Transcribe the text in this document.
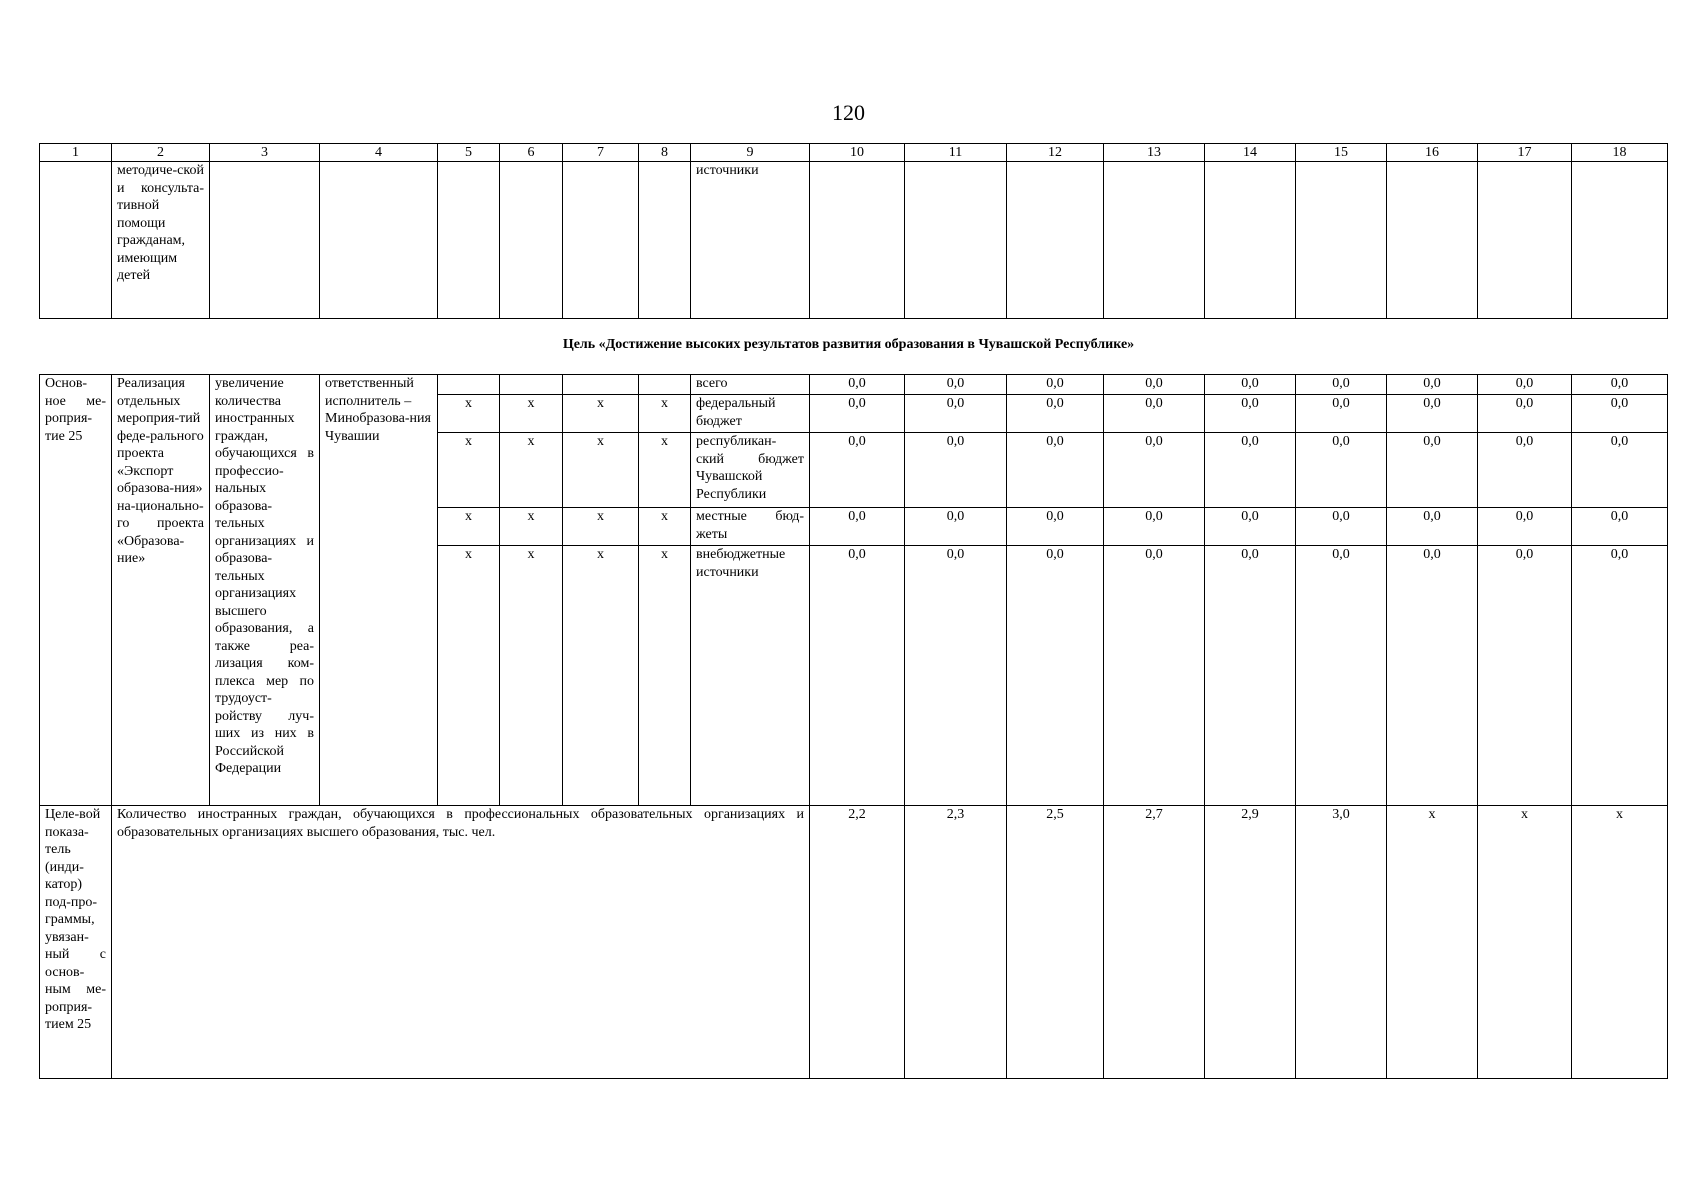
120
1	2	3	4	5	6	7	8	9	10	11	12	13	14	15	16	17	18
	методиче-ской и консульта-тивной помощи гражданам, имеющим детей							источники									
Цель «Достижение высоких результатов развития образования в Чувашской Республике»
Основ-ное ме-роприя-тие 25	Реализация отдельных мероприя-тий феде-рального проекта «Экспорт образова-ния» на-ционально-го проекта «Образова-ние»	увеличение количества иностранных граждан, обучающихся в профессио-нальных образова-тельных организациях и образова-тельных организациях высшего образования, а также реа-лизация ком-плекса мер по трудоуст-ройству луч-ших из них в Российской Федерации	ответственный исполнитель – Минобразова-ния Чувашии					всего	0,0	0,0	0,0	0,0	0,0	0,0	0,0	0,0	0,0
				х	х	х	х	федеральный бюджет	0,0	0,0	0,0	0,0	0,0	0,0	0,0	0,0	0,0
				х	х	х	х	республикан-ский бюджет Чувашской Республики	0,0	0,0	0,0	0,0	0,0	0,0	0,0	0,0	0,0
				х	х	х	х	местные бюд-жеты	0,0	0,0	0,0	0,0	0,0	0,0	0,0	0,0	0,0
				х	х	х	х	внебюджетные источники	0,0	0,0	0,0	0,0	0,0	0,0	0,0	0,0	0,0
Целе-вой показа-тель (инди-катор) под-про-граммы, увязан-ный с основ-ным ме-роприя-тием 25	Количество иностранных граждан, обучающихся в профессиональных образовательных организациях и образовательных организациях высшего образования, тыс. чел.								2,2	2,3	2,5	2,7	2,9	3,0	х	х	х
